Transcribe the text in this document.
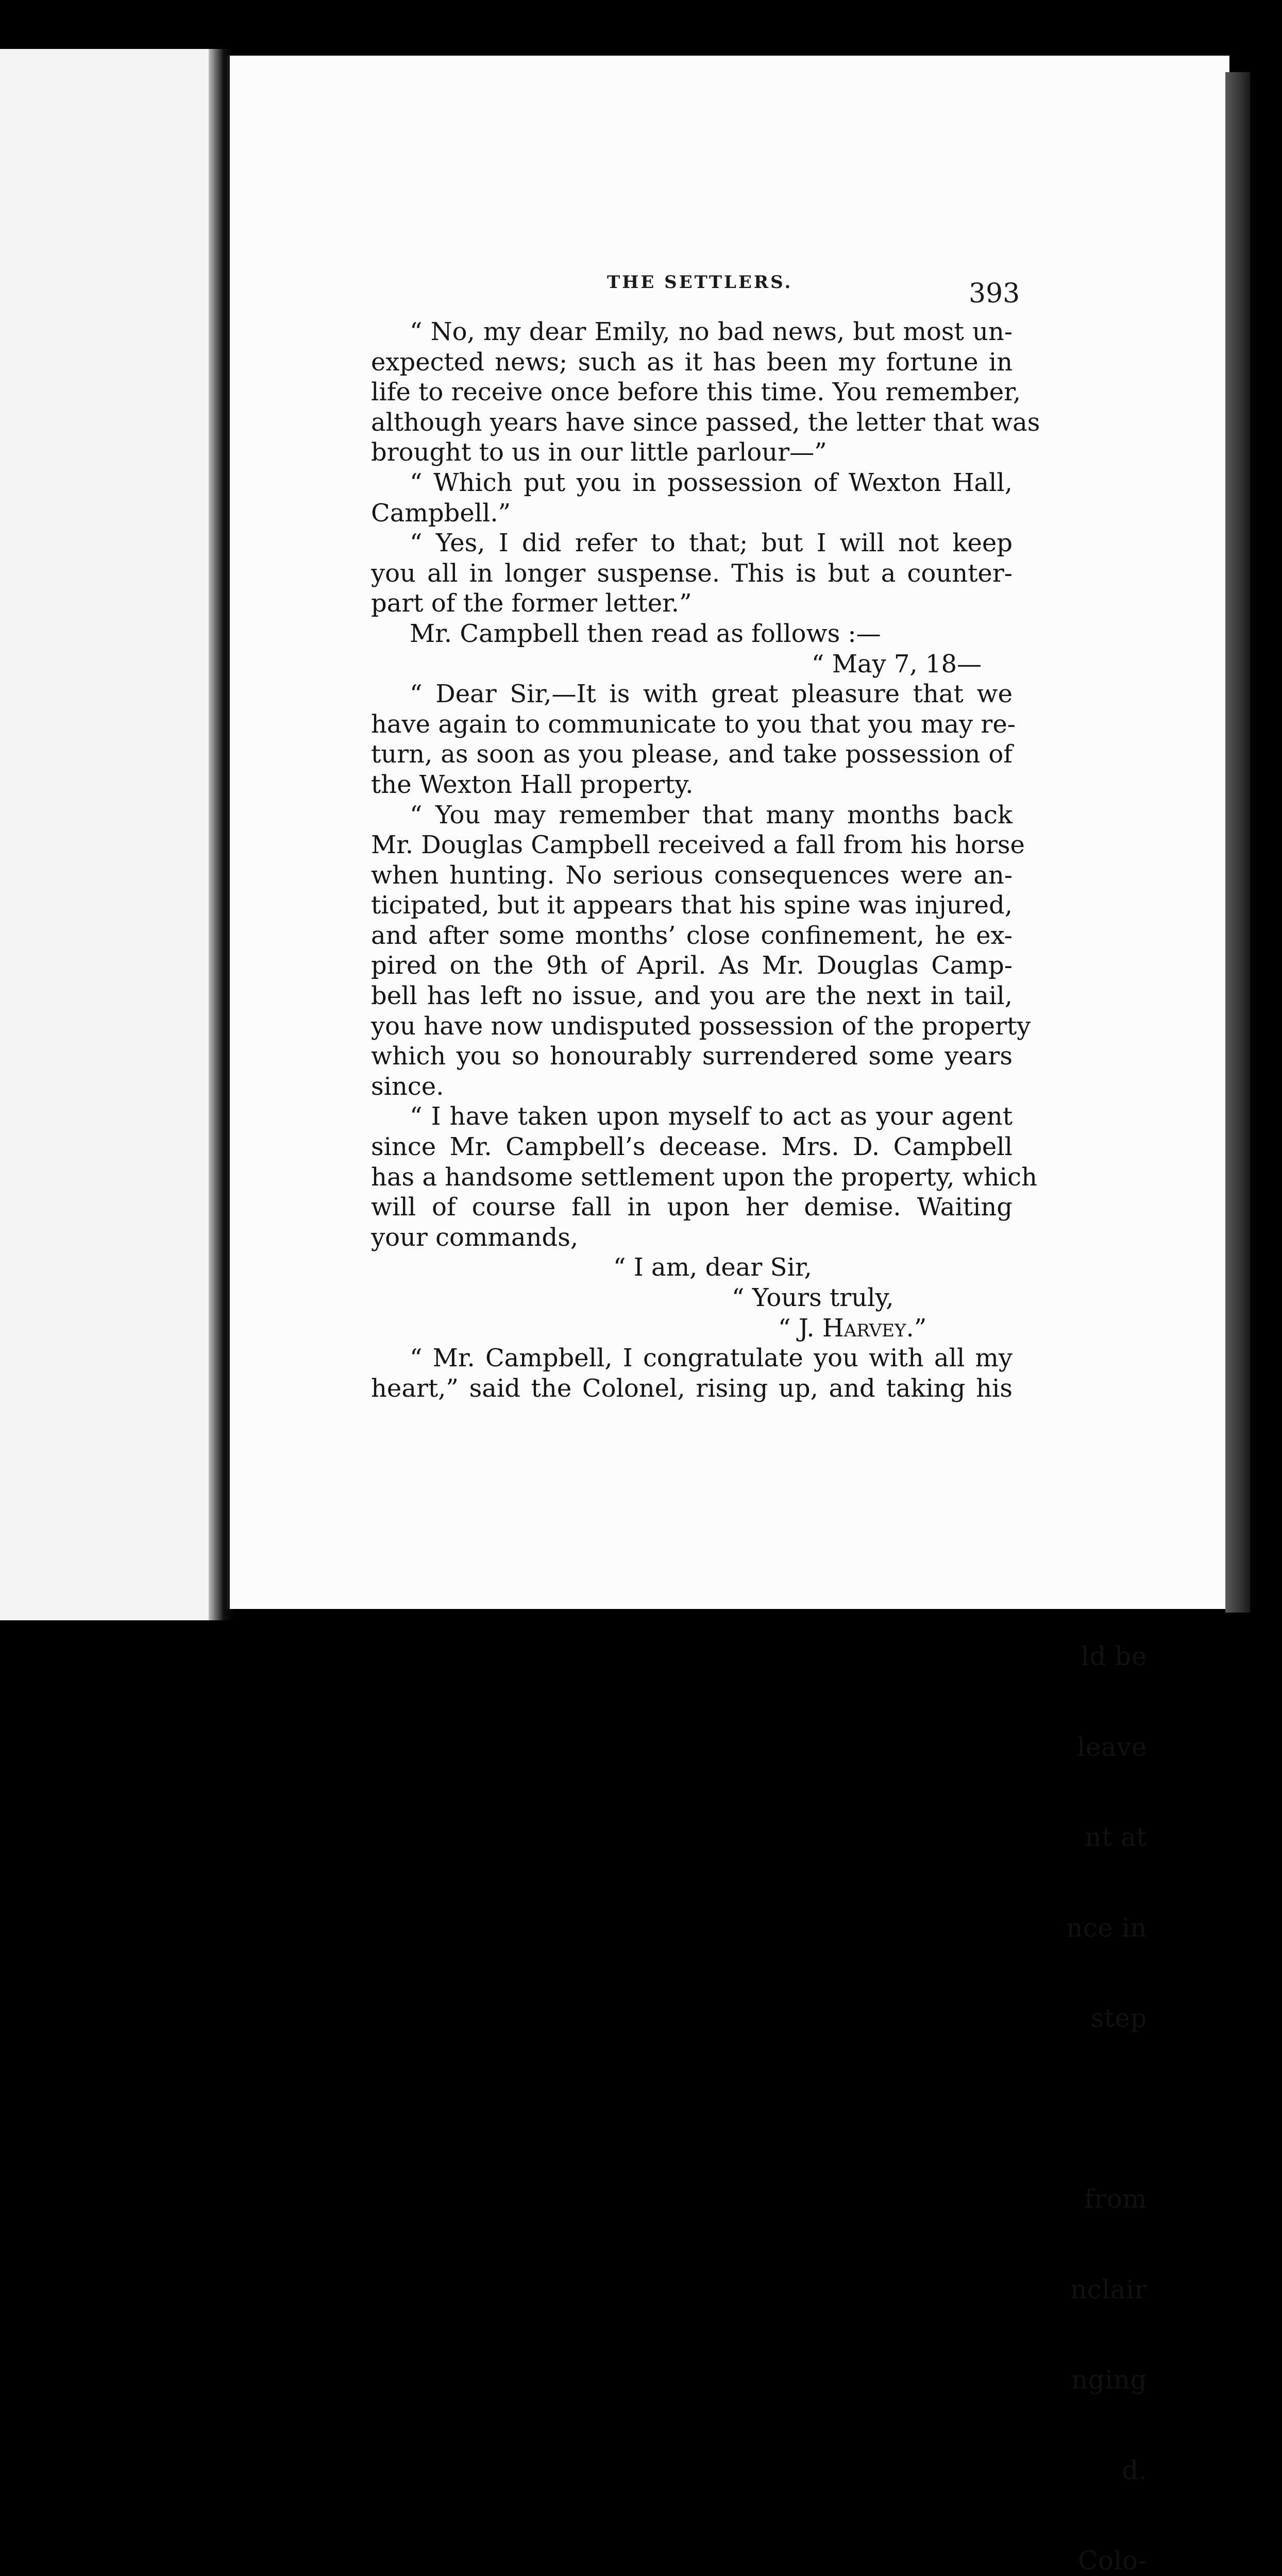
ld be

leave

nt at

nce in

step

from

nclair

nging

d.

Colo-

THE SETTLERS.	393
“ No, my dear Emily, no bad news, but most un-
expected news; such as it has been my fortune in
life to receive once before this time. You remember,
although years have since passed, the letter that was
brought to us in our little parlour—”
“ Which put you in possession of Wexton Hall,
Campbell.”
“ Yes, I did refer to that; but I will not keep
you all in longer suspense. This is but a counter-
part of the former letter.”
Mr. Campbell then read as follows :—
“ May 7, 18—
“ Dear Sir,—It is with great pleasure that we
have again to communicate to you that you may re-
turn, as soon as you please, and take possession of
the Wexton Hall property.
“ You may remember that many months back
Mr. Douglas Campbell received a fall from his horse
when hunting. No serious consequences were an-
ticipated, but it appears that his spine was injured,
and after some months’ close confinement, he ex-
pired on the 9th of April. As Mr. Douglas Camp-
bell has left no issue, and you are the next in tail,
you have now undisputed possession of the property
which you so honourably surrendered some years
since.
“ I have taken upon myself to act as your agent
since Mr. Campbell’s decease. Mrs. D. Campbell
has a handsome settlement upon the property, which
will of course fall in upon her demise. Waiting
your commands,
“ I am, dear Sir,
“ Yours truly,
“ J. Harvey.”
“ Mr. Campbell, I congratulate you with all my
heart,” said the Colonel, rising up, and taking his
